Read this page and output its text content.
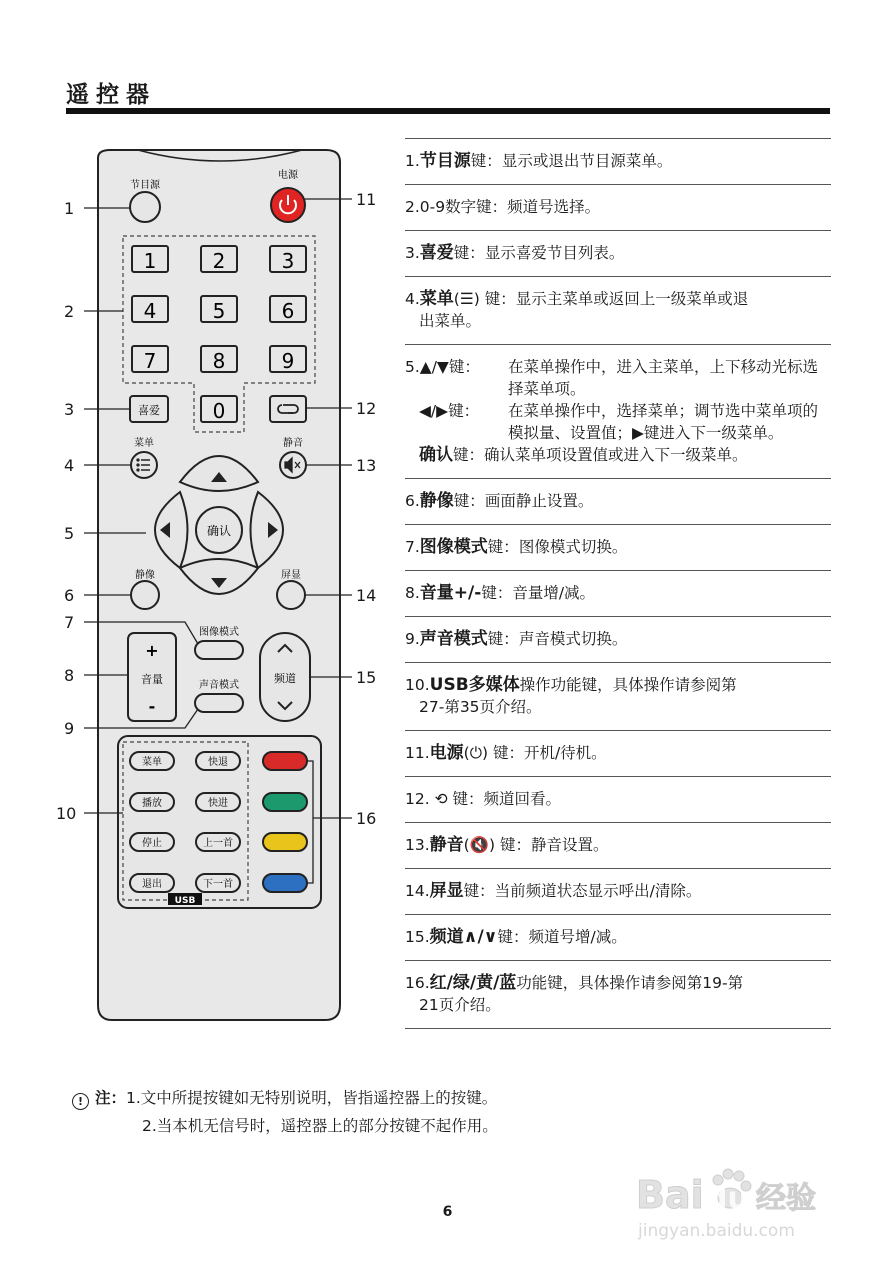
遥控器
节目源
电源
1	2	3
4	5	6
7	8	9
0
喜爱
菜单	静音
确认
静像	屏显
图像模式
声音模式
+
音量
-
频道
USB
菜单	快退
播放	快进
停止	上一首
退出	下一首
1
2
3
4
5
6
7
8
9
10
11
12
13
14
15
16
1.节目源键：显示或退出节目源菜单。
2.0-9数字键：频道号选择。
3.喜爱键：显示喜爱节目列表。
4.菜单(☰) 键：显示主菜单或返回上一级菜单或退
出菜单。
5.▲/▼键：	在菜单操作中，进入主菜单，上下移动光标选择菜单项。
◀/▶键：	在菜单操作中，选择菜单；调节选中菜单项的模拟量、设置值；▶键进入下一级菜单。
确认键：确认菜单项设置值或进入下一级菜单。
6.静像键：画面静止设置。
7.图像模式键：图像模式切换。
8.音量+/-键：音量增/减。
9.声音模式键：声音模式切换。
10.USB多媒体操作功能键，具体操作请参阅第
27-第35页介绍。
11.电源(⏻) 键：开机/待机。
12. ⟲ 键：频道回看。
13.静音(🔇) 键：静音设置。
14.屏显键：当前频道状态显示呼出/清除。
15.频道∧/∨键：频道号增/减。
16.红/绿/黄/蓝功能键，具体操作请参阅第19-第
21页介绍。
! 注：1.文中所提按键如无特别说明，皆指遥控器上的按键。
2.当本机无信号时，遥控器上的部分按键不起作用。
Bai du 经验
jingyan.baidu.com
6
